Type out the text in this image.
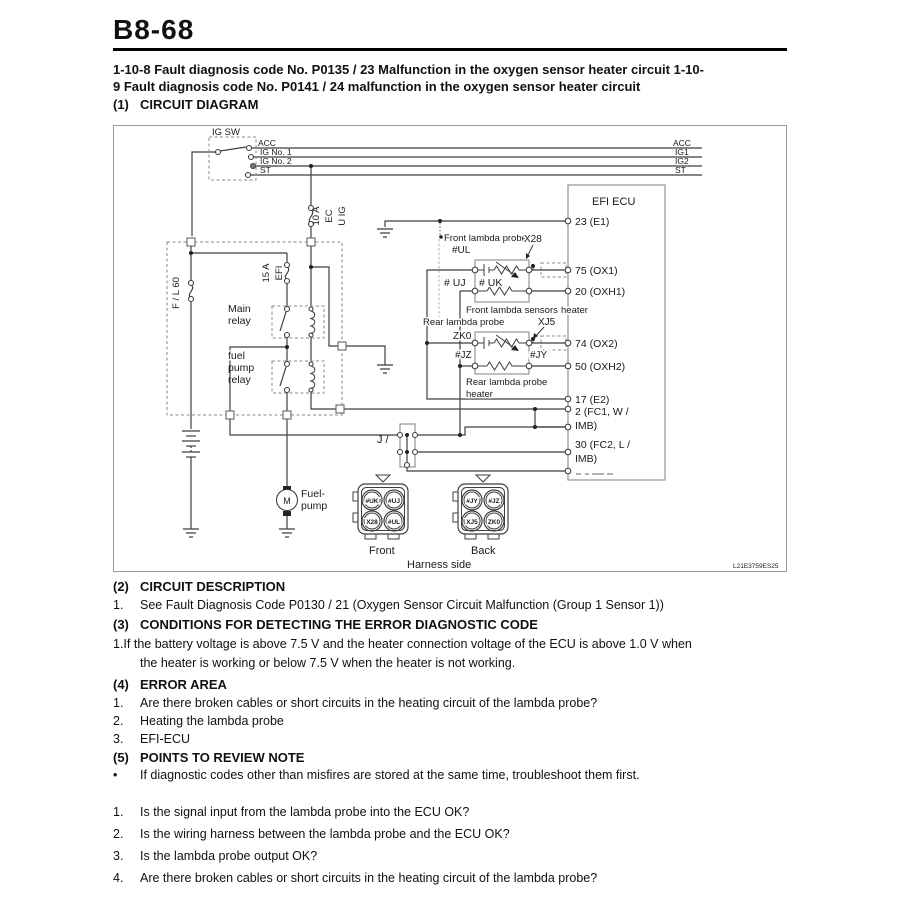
B8-68
1-10-8 Fault diagnosis code No. P0135 / 23 Malfunction in the oxygen sensor heater circuit 1-10-
9 Fault diagnosis code No. P0141 / 24 malfunction in the oxygen sensor heater circuit
(1) CIRCUIT DIAGRAM
M
EFI ECU
23 (E1)
75 (OX1)
20 (OXH1)
74 (OX2)
50 (OXH2)
17 (E2)
2 (FC1, W /
IMB)
30 (FC2, L /
IMB)
#UK #UJ
X28 #UL
Front
#JY #JZ
XJ5 ZK0
Back
IG SW
ACC
IG No. 1
IG No. 2
ST
ACC
IG1
IG2
ST
10 A EC U IG
15 A EFI
F / L 60
Main
relay
fuel
pump
relay
Fuel-
pump
J /
Front lambda probe
X28
#UL
# UJ # UK
Front lambda sensors heater
Rear lambda probe	XJ5
ZK0
#JZ	#JY
Rear lambda probe
heater
Harness side	L21E3759ES25
(2) CIRCUIT DESCRIPTION
1.	See Fault Diagnosis Code P0130 / 21 (Oxygen Sensor Circuit Malfunction (Group 1 Sensor 1))
(3) CONDITIONS FOR DETECTING THE ERROR DIAGNOSTIC CODE
1.If the battery voltage is above 7.5 V and the heater connection voltage of the ECU is above 1.0 V when
the heater is working or below 7.5 V when the heater is not working.
(4) ERROR AREA
1.	Are there broken cables or short circuits in the heating circuit of the lambda probe?
2.	Heating the lambda probe
3.	EFI-ECU
(5) POINTS TO REVIEW NOTE
•	If diagnostic codes other than misfires are stored at the same time, troubleshoot them first.
1.	Is the signal input from the lambda probe into the ECU OK?
2.	Is the wiring harness between the lambda probe and the ECU OK?
3.	Is the lambda probe output OK?
4.	Are there broken cables or short circuits in the heating circuit of the lambda probe?
